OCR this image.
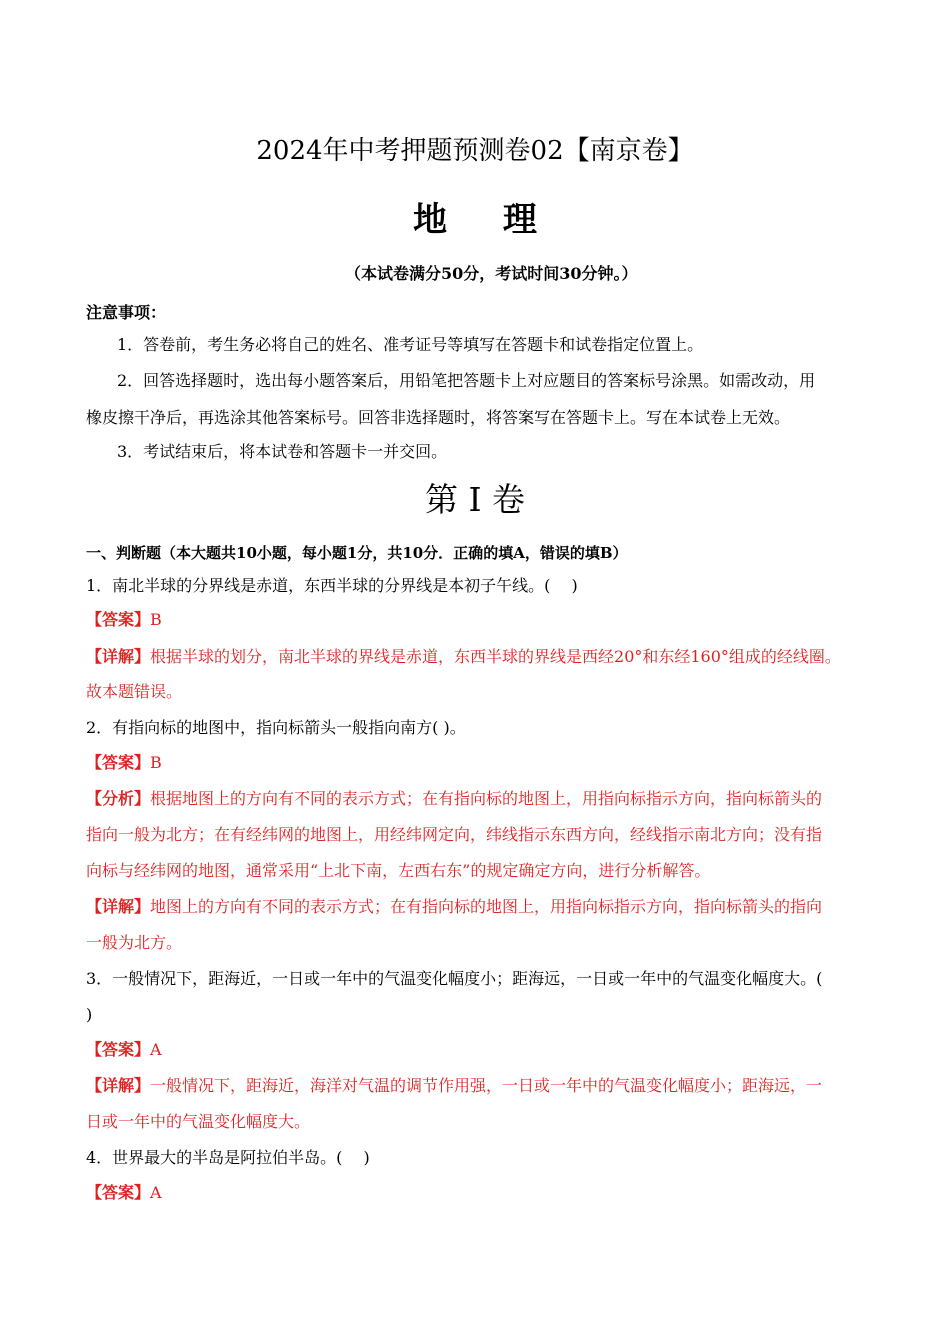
2024年中考押题预测卷02【南京卷】
地 理
（本试卷满分50分，考试时间30分钟。）
注意事项：
1．答卷前，考生务必将自己的姓名、准考证号等填写在答题卡和试卷指定位置上。
2．回答选择题时，选出每小题答案后，用铅笔把答题卡上对应题目的答案标号涂黑。如需改动，用
橡皮擦干净后，再选涂其他答案标号。回答非选择题时，将答案写在答题卡上。写在本试卷上无效。
3．考试结束后，将本试卷和答题卡一并交回。
第 I 卷
一、判断题（本大题共10小题，每小题1分，共10分．正确的填A，错误的填B）
1．南北半球的分界线是赤道，东西半球的分界线是本初子午线。(　 )
【答案】B
【详解】根据半球的划分，南北半球的界线是赤道，东西半球的界线是西经20°和东经160°组成的经线圈。
故本题错误。
2．有指向标的地图中，指向标箭头一般指向南方( )。
【答案】B
【分析】根据地图上的方向有不同的表示方式；在有指向标的地图上，用指向标指示方向，指向标箭头的
指向一般为北方；在有经纬网的地图上，用经纬网定向，纬线指示东西方向，经线指示南北方向；没有指
向标与经纬网的地图，通常采用“上北下南，左西右东”的规定确定方向，进行分析解答。
【详解】地图上的方向有不同的表示方式；在有指向标的地图上，用指向标指示方向，指向标箭头的指向
一般为北方。
3．一般情况下，距海近，一日或一年中的气温变化幅度小；距海远，一日或一年中的气温变化幅度大。(
)
【答案】A
【详解】一般情况下，距海近，海洋对气温的调节作用强，一日或一年中的气温变化幅度小；距海远，一
日或一年中的气温变化幅度大。
4．世界最大的半岛是阿拉伯半岛。(　 )
【答案】A
